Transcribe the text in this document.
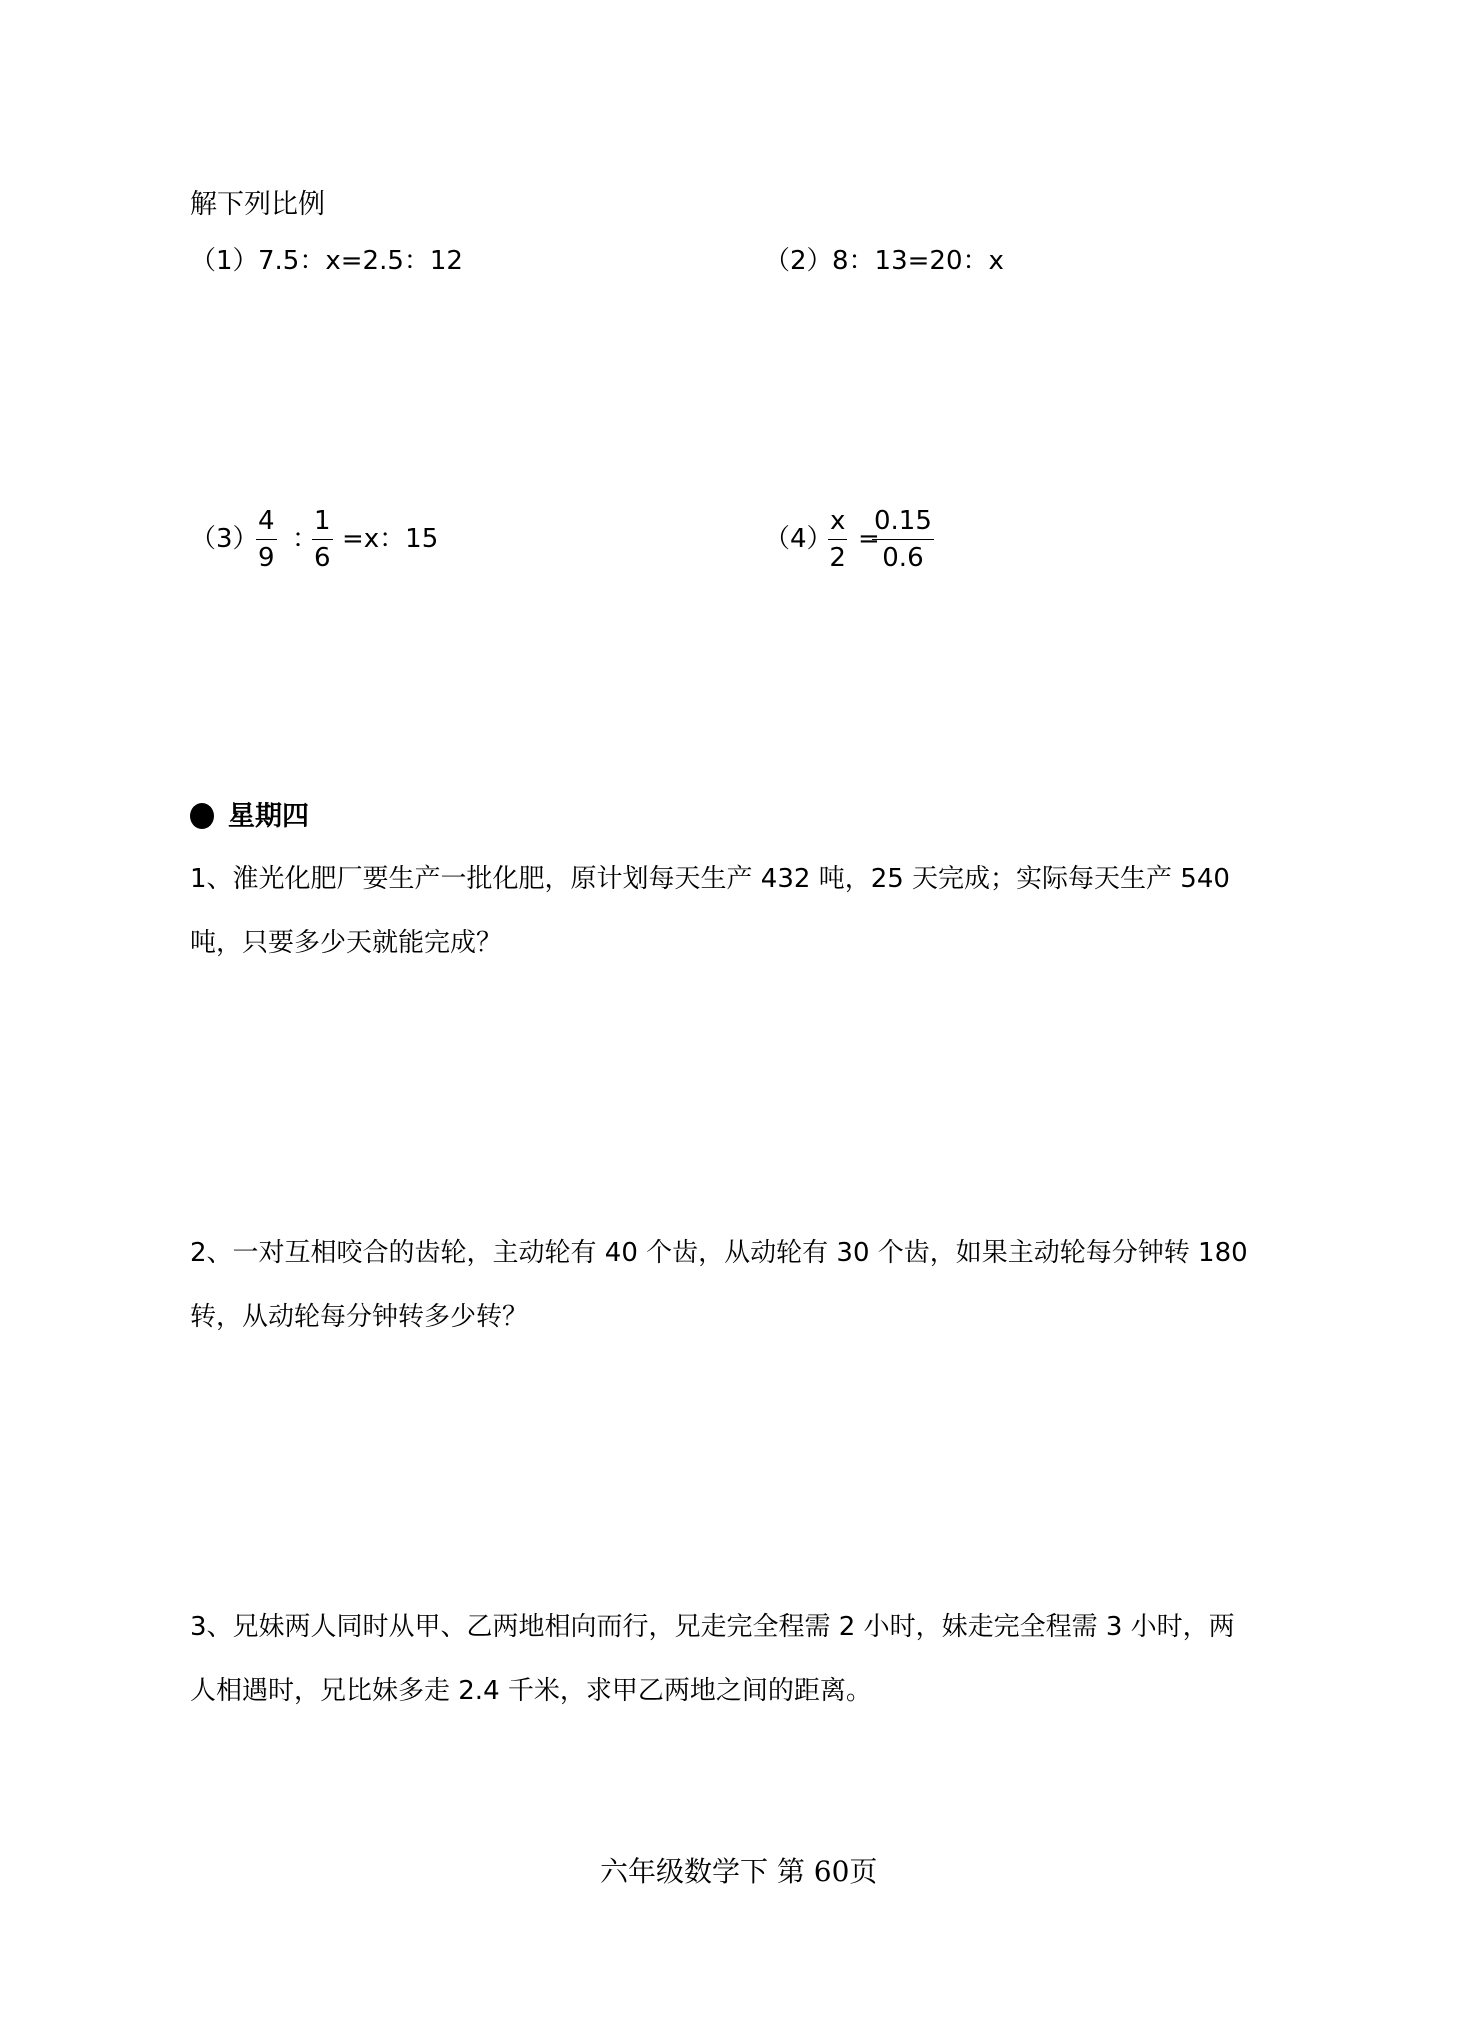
解下列比例
（1） 7.5：x=2.5：12	（2） 8：13=20：x
（3）
4
9
：
1
6
=x：15	（4）
x
2
=
0.15
0.6
星期四
1、淮光化肥厂要生产一批化肥，原计划每天生产 432 吨，25 天完成；实际每天生产 540
吨，只要多少天就能完成？
2、一对互相咬合的齿轮，主动轮有 40 个齿，从动轮有 30 个齿，如果主动轮每分钟转 180
转，从动轮每分钟转多少转？
3、兄妹两人同时从甲、乙两地相向而行，兄走完全程需 2 小时，妹走完全程需 3 小时，两
人相遇时，兄比妹多走 2.4 千米，求甲乙两地之间的距离。
六年级数学下 第 60页
